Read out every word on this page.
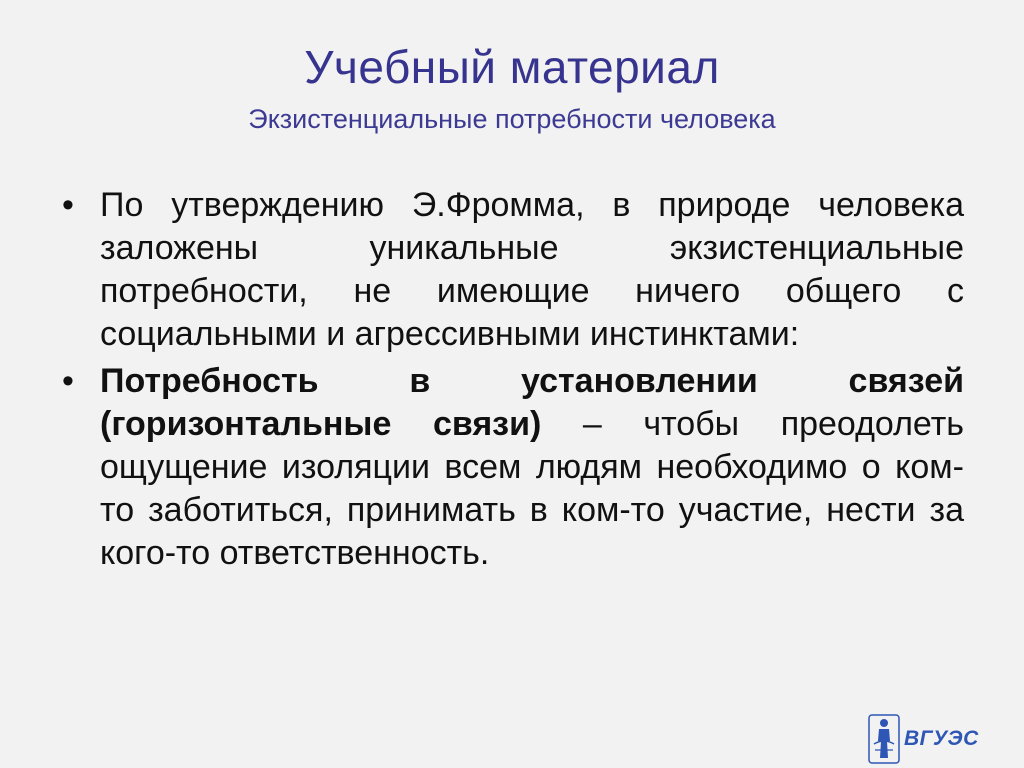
Учебный материал
Экзистенциальные потребности человека
• По утверждению Э.Фромма, в природе человека заложены уникальные экзистенциальные потребности, не имеющие ничего общего с социальными и агрессивными инстинктами:
• Потребность в установлении связей (горизонтальные связи) – чтобы преодолеть ощущение изоляции всем людям необходимо о ком-то заботиться, принимать в ком-то участие, нести за кого-то ответственность.
ВГУЭС
